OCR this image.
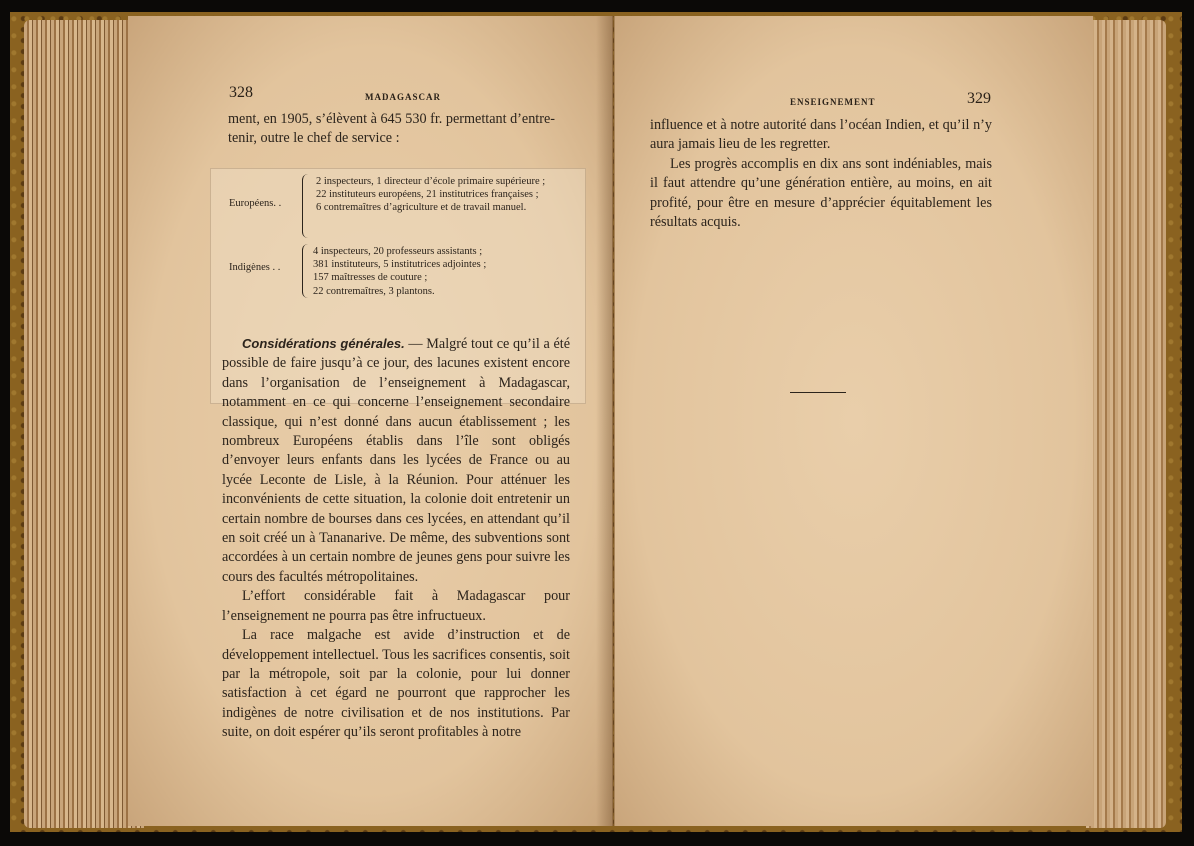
328	MADAGASCAR
ment, en 1905, s’élèvent à 645 530 fr. permettant d’entre-
tenir, outre le chef de service :
Européens. .
2 inspecteurs, 1 directeur d’école primaire supérieure ;
22 instituteurs européens, 21 institutrices françaises ;
6 contremaîtres d’agriculture et de travail manuel.
Indigènes . .
4 inspecteurs, 20 professeurs assistants ;
381 instituteurs, 5 institutrices adjointes ;
157 maîtresses de couture ;
22 contremaîtres, 3 plantons.

Considérations générales. — Malgré tout ce qu’il a été possible de faire jusqu’à ce jour, des lacunes existent encore dans l’organisation de l’enseignement à Madagascar, notamment en ce qui concerne l’enseignement secondaire classique, qui n’est donné dans aucun établissement ; les nombreux Européens établis dans l’île sont obligés d’envoyer leurs enfants dans les lycées de France ou au lycée Leconte de Lisle, à la Réunion. Pour atténuer les inconvénients de cette situation, la colonie doit entretenir un certain nombre de bourses dans ces lycées, en attendant qu’il en soit créé un à Tananarive. De même, des subventions sont accordées à un certain nombre de jeunes gens pour suivre les cours des facultés métropolitaines.

L’effort considérable fait à Madagascar pour l’enseignement ne pourra pas être infructueux.

La race malgache est avide d’instruction et de développement intellectuel. Tous les sacrifices consentis, soit par la métropole, soit par la colonie, pour lui donner satisfaction à cet égard ne pourront que rapprocher les indigènes de notre civilisation et de nos institutions. Par suite, on doit espérer qu’ils seront profitables à notre

ENSEIGNEMENT	329

influence et à notre autorité dans l’océan Indien, et qu’il n’y aura jamais lieu de les regretter.

Les progrès accomplis en dix ans sont indéniables, mais il faut attendre qu’une génération entière, au moins, en ait profité, pour être en mesure d’apprécier équitablement les résultats acquis.
